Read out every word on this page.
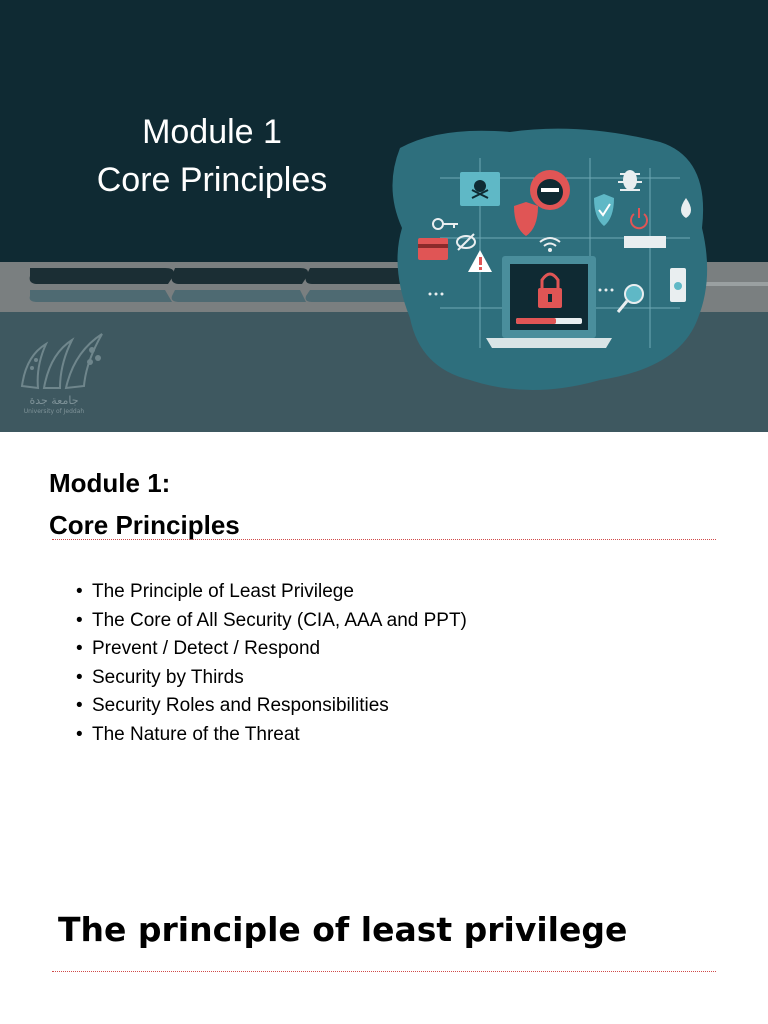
Module 1
Core Principles
جامعة جدة
University of Jeddah
Module 1:
Core Principles
• The Principle of Least Privilege
• The Core of All Security (CIA, AAA and PPT)
• Prevent / Detect / Respond
• Security by Thirds
• Security Roles and Responsibilities
• The Nature of the Threat
The principle of least privilege
